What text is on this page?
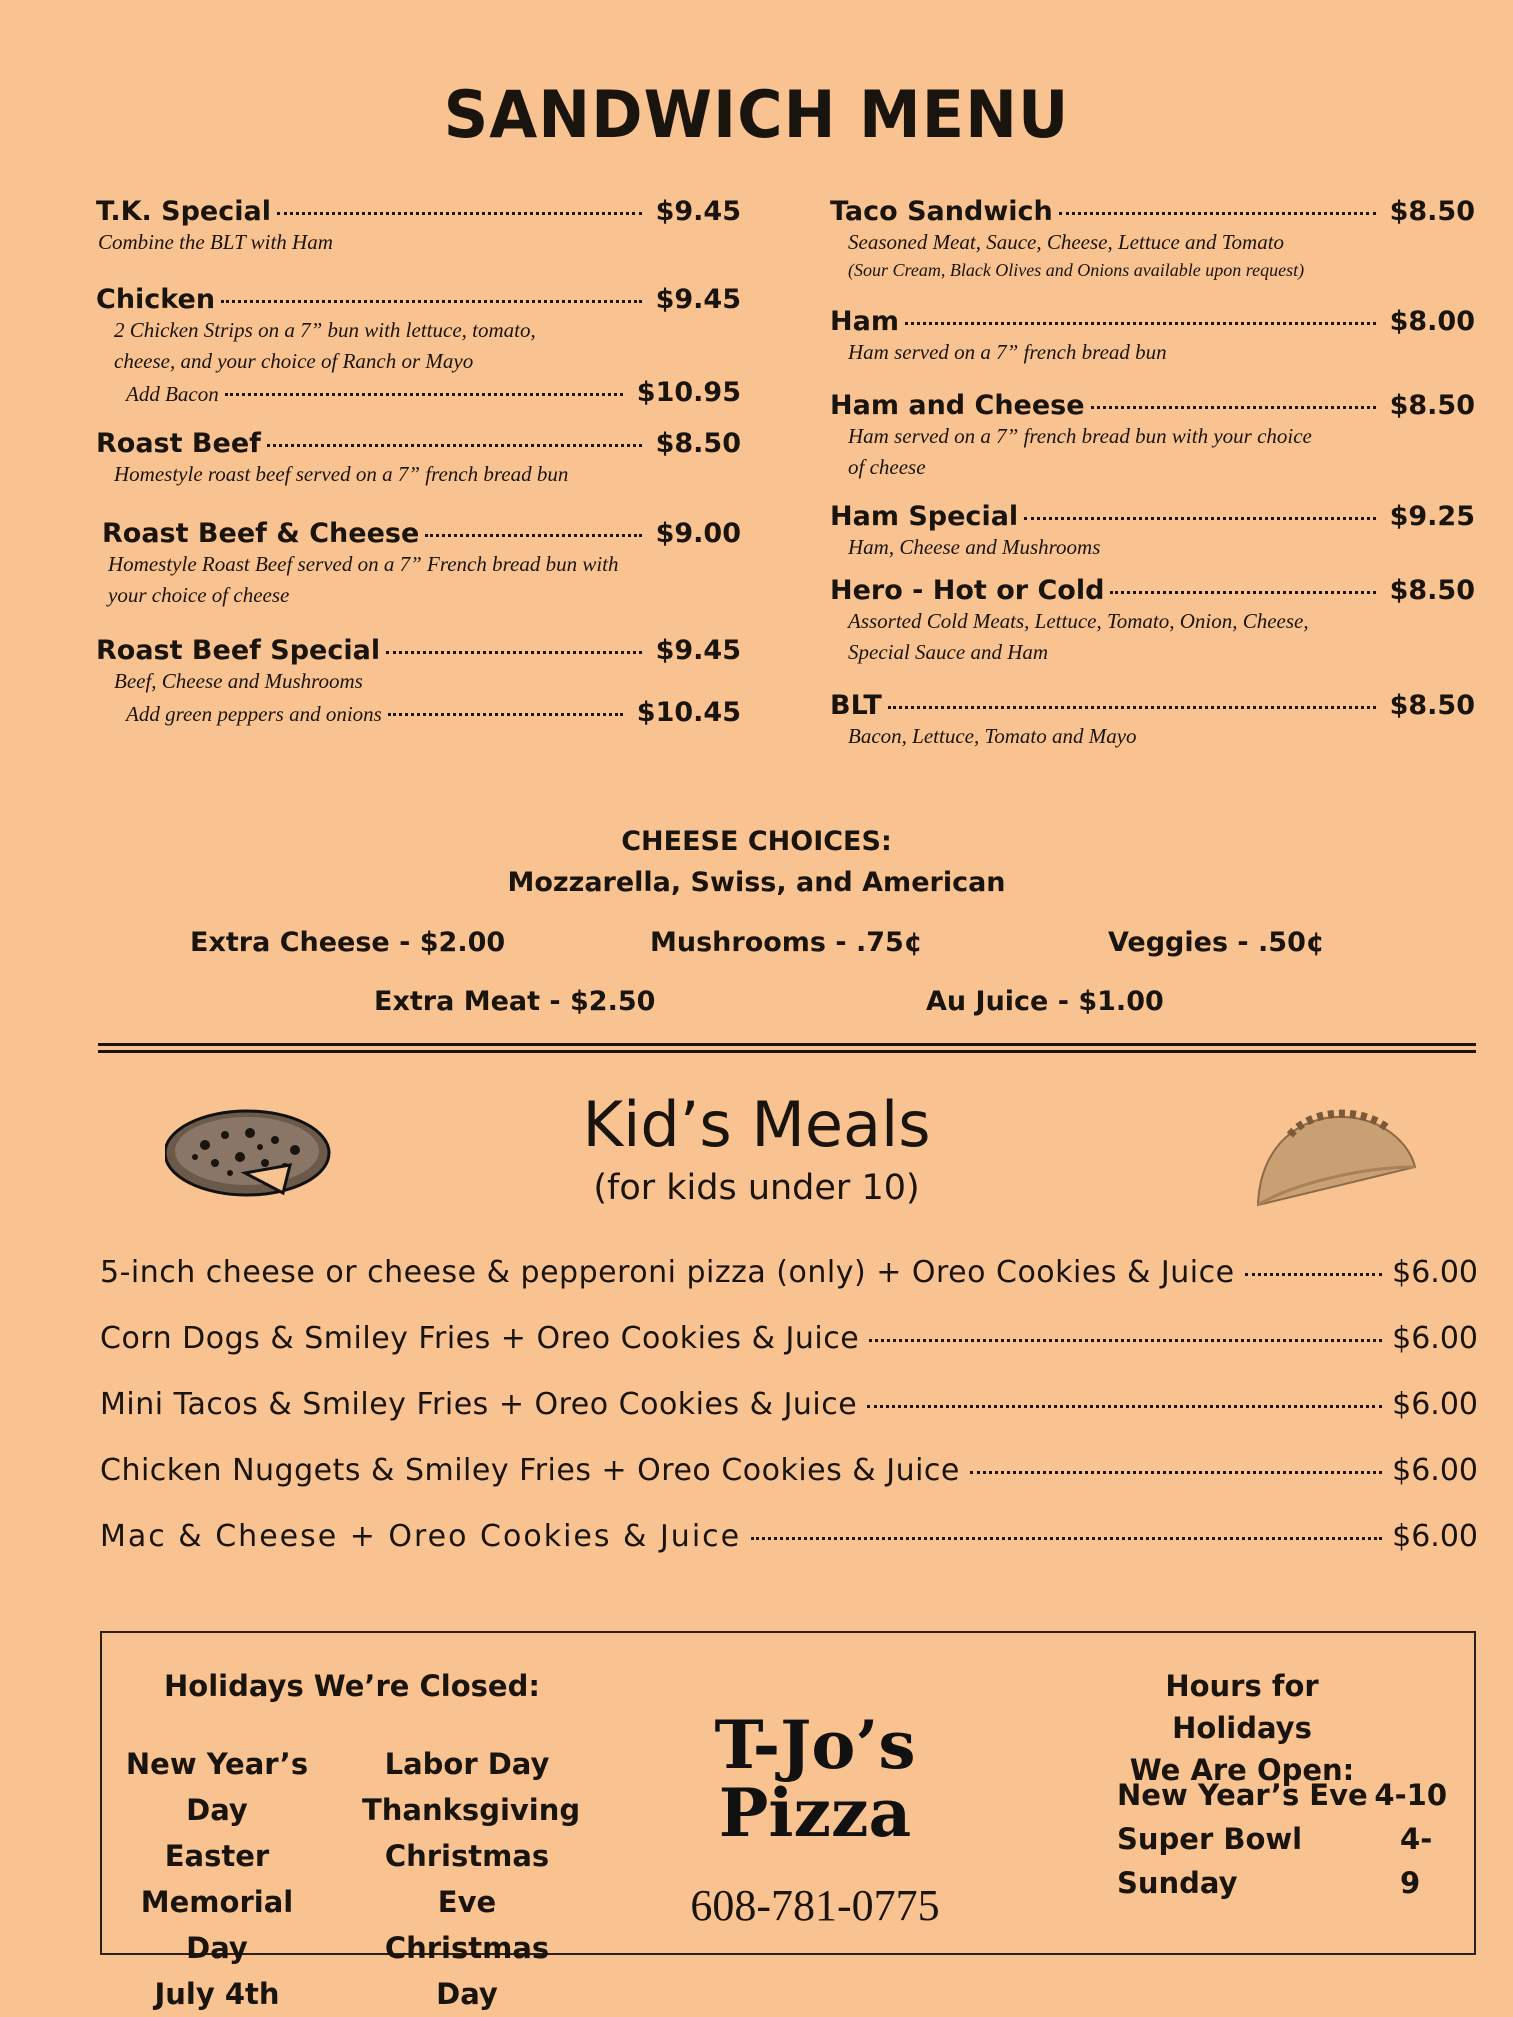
SANDWICH MENU
T.K. Special	$9.45
Combine the BLT with Ham
Chicken	$9.45
2 Chicken Strips on a 7” bun with lettuce, tomato,
cheese, and your choice of Ranch or Mayo
Add Bacon	$10.95
Roast Beef	$8.50
Homestyle roast beef served on a 7” french bread bun
Roast Beef & Cheese	$9.00
Homestyle Roast Beef served on a 7” French bread bun with
your choice of cheese
Roast Beef Special	$9.45
Beef, Cheese and Mushrooms
Add green peppers and onions	$10.45
Taco Sandwich	$8.50
Seasoned Meat, Sauce, Cheese, Lettuce and Tomato
(Sour Cream, Black Olives and Onions available upon request)
Ham	$8.00
Ham served on a 7” french bread bun
Ham and Cheese	$8.50
Ham served on a 7” french bread bun with your choice
of cheese
Ham Special	$9.25
Ham, Cheese and Mushrooms
Hero - Hot or Cold	$8.50
Assorted Cold Meats, Lettuce, Tomato, Onion, Cheese,
Special Sauce and Ham
BLT	$8.50
Bacon, Lettuce, Tomato and Mayo
CHEESE CHOICES:
Mozzarella, Swiss, and American
Extra Cheese - $2.00	Mushrooms - .75¢	Veggies - .50¢
Extra Meat - $2.50	Au Juice - $1.00
Kid’s Meals
(for kids under 10)
5-inch cheese or cheese & pepperoni pizza (only) + Oreo Cookies & Juice	$6.00
Corn Dogs & Smiley Fries + Oreo Cookies & Juice	$6.00
Mini Tacos & Smiley Fries + Oreo Cookies & Juice	$6.00
Chicken Nuggets & Smiley Fries + Oreo Cookies & Juice	$6.00
Mac & Cheese + Oreo Cookies & Juice	$6.00
Holidays We’re Closed:
New Year’s Day
Easter
Memorial Day
July 4th
Labor Day
Thanksgiving
Christmas Eve
Christmas Day
Hours for Holidays
We Are Open:
New Year’s Eve 4-10
Super Bowl Sunday
4-9
T-Jo’s
Pizza
608-781-0775
